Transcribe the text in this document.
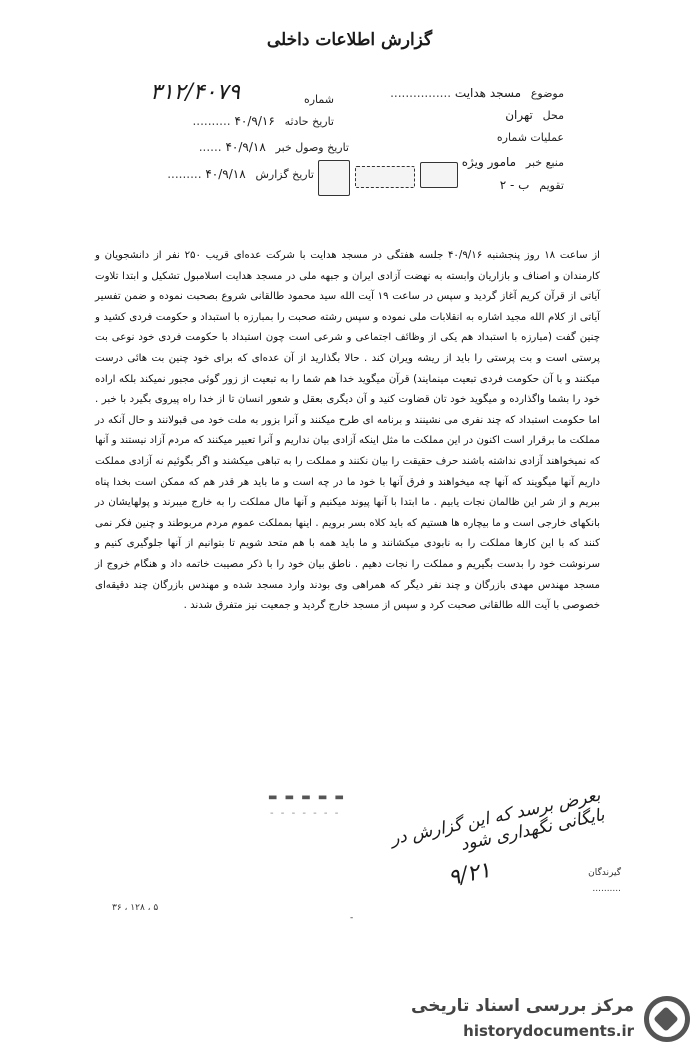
گزارش اطلاعات داخلی
موضوع مسجد هدایت ................
محل تهران
عملیات شماره
منبع خبر مامور ویژه
تقویم ب - ۲
شماره
۳۱۲/۴۰۷۹
تاریخ حادثه ۴۰/۹/۱۶ ..........
تاریخ وصول خبر ۴۰/۹/۱۸ ......
تاریخ گزارش ۴۰/۹/۱۸ .........

از ساعت ۱۸ روز پنجشنبه ۴۰/۹/۱۶ جلسه هفتگی در مسجد هدایت با شرکت عده‌ای قریب ۲۵۰ نفر از دانشجویان و کارمندان و اصناف و بازاریان وابسته به نهضت آزادی ایران و جبهه ملی در مسجد هدایت اسلامبول تشکیل و ابتدا تلاوت آیاتی از قرآن کریم آغاز گردید و سپس در ساعت ۱۹ آیت الله سید محمود طالقانی شروع بصحبت نموده و ضمن تفسیر آیاتی از کلام الله مجید اشاره به انقلابات ملی نموده و سپس رشته صحبت را بمبارزه با استبداد و حکومت فردی کشید و چنین گفت (مبارزه با استبداد هم یکی از وظائف اجتماعی و شرعی است چون استبداد با حکومت فردی خود نوعی بت پرستی است و بت پرستی را باید از ریشه ویران کند . حالا بگذارید از آن عده‌ای که برای خود چنین بت هائی درست میکنند و با آن حکومت فردی تبعیت مینمایند) قرآن میگوید خدا هم شما را به تبعیت از زور گوئی مجبور نمیکند بلکه اراده خود را بشما واگذارده و میگوید خود تان قضاوت کنید و آن دیگری بعقل و شعور انسان تا از خدا راه پیروی بگیرد با خبر . اما حکومت استبداد که چند نفری می نشینند و برنامه ای طرح میکنند و آنرا بزور به ملت خود می قبولانند و حال آنکه در مملکت ما برقرار است اکنون در این مملکت ما مثل اینکه آزادی بیان نداریم و آنرا تعبیر میکنند که مردم آزاد نیستند و آنها که نمیخواهند آزادی نداشته باشند حرف حقیقت را بیان نکنند و مملکت را به تباهی میکشند و اگر بگوئیم نه آزادی مملکت داریم آنها میگویند که آنها چه میخواهند و فرق آنها با خود ما در چه است و ما باید هر قدر هم که ممکن است بخدا پناه ببریم و از شر این ظالمان نجات یابیم . ما ابتدا با آنها پیوند میکنیم و آنها مال مملکت را به خارج میبرند و پولهایشان در بانکهای خارجی است و ما بیچاره ها هستیم که باید کلاه بسر برویم . اینها بمملکت عموم مردم مربوطند و چنین فکر نمی کنند که با این کارها مملکت را به نابودی میکشانند و ما باید همه با هم متحد شویم تا بتوانیم از آنها جلوگیری کنیم و سرنوشت خود را بدست بگیریم و مملکت را نجات دهیم . ناطق بیان خود را با ذکر مصیبت خاتمه داد و هنگام خروج از مسجد مهندس مهدی بازرگان و چند نفر دیگر که همراهی وی بودند وارد مسجد شده و مهندس بازرگان چند دقیقه‌ای خصوصی با آیت الله طالقانی صحبت کرد و سپس از مسجد خارج گردید و جمعیت نیز متفرق شدند .

▬ ▬ ▬ ▬ ▬
- - - - - - -	بعرض برسد که این گزارش در بایگانی نگهداری شود
۹/۲۱	گیرندگان
..........
۳۶ ، ۱۲۸ ، ۵
-
مرکز بررسی اسناد تاریخی
historydocuments.ir
